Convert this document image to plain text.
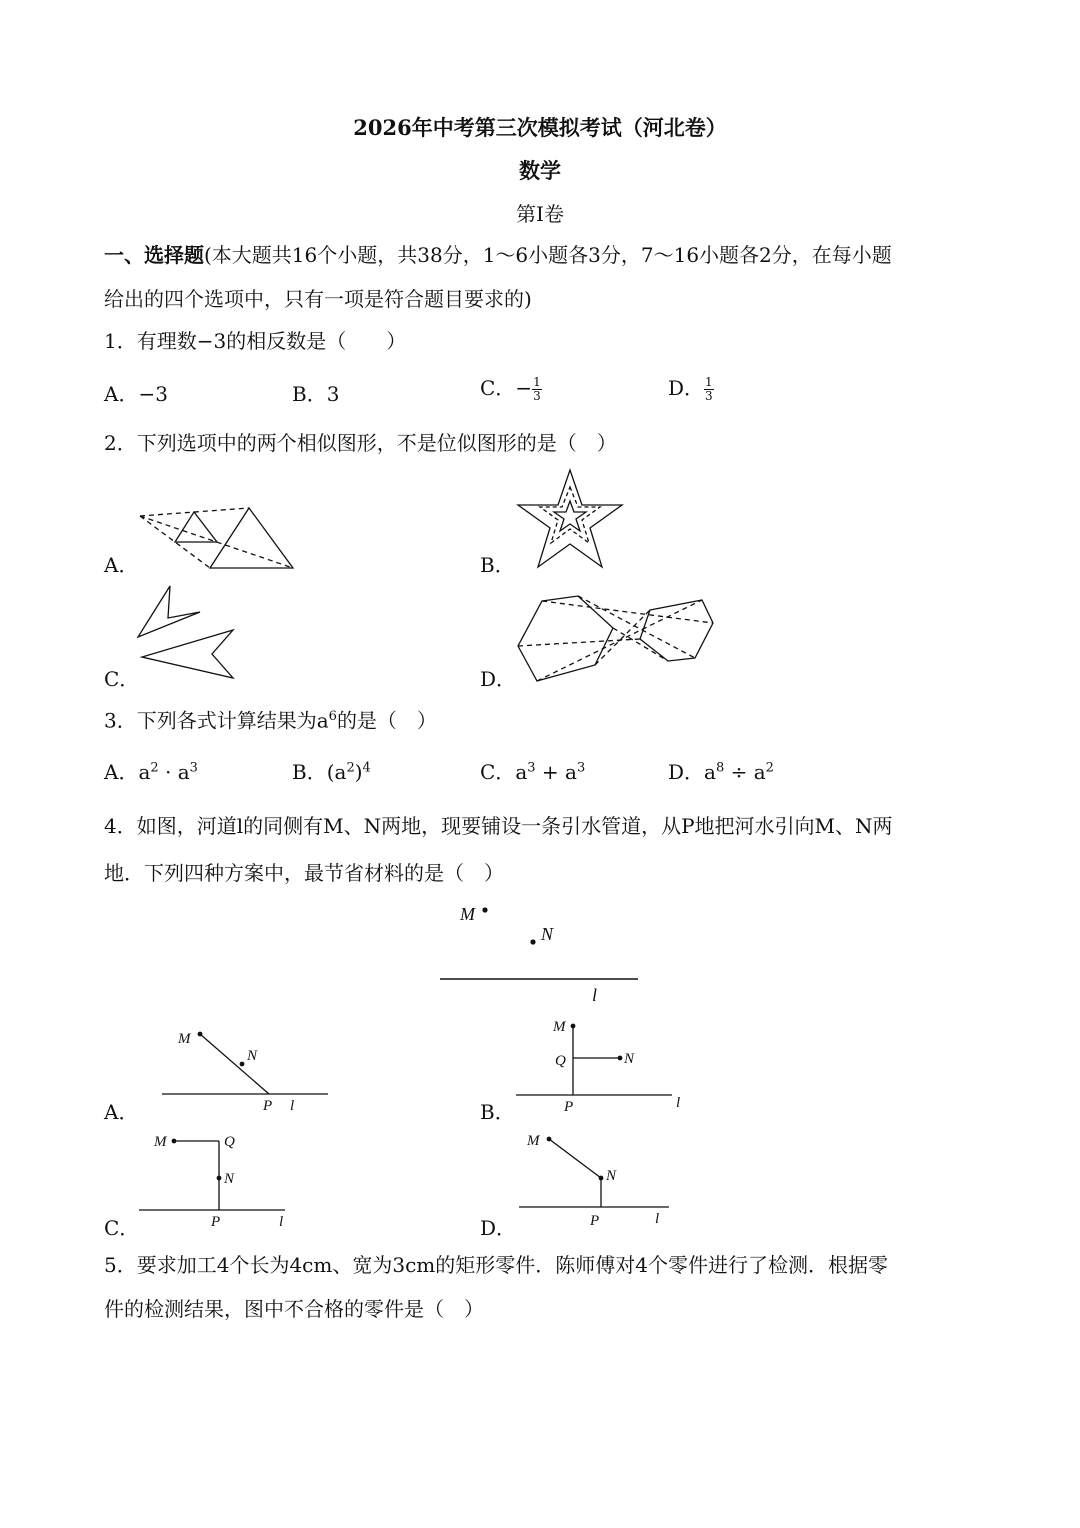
2026年中考第三次模拟考试（河北卷）
数学
第Ⅰ卷
一、选择题(本大题共16个小题，共38分，1～6小题各3分，7～16小题各2分，在每小题
给出的四个选项中，只有一项是符合题目要求的)
1．有理数−3的相反数是（　　）
A．−3	B．3	C．− $\frac{1}{3}$	D． $\frac{1}{3}$
2．下列选项中的两个相似图形，不是位似图形的是（　）
A．	B．
C．	D．
3．下列各式计算结果为$a^6$的是（　）
A．$a^2 \cdot a^3$	B．$(a^2)^4$	C．$a^3 + a^3$	D．$a^8 \div a^2$
4．如图，河道l的同侧有M、N两地，现要铺设一条引水管道，从P地把河水引向M、N两
地．下列四种方案中，最节省材料的是（　）
M
N
l
A．
M
N
P l	B．
M
Q	N
P	l
C．
M	Q
N
P	l	D．
M
N
P	l
5．要求加工4个长为4cm、宽为3cm的矩形零件．陈师傅对4个零件进行了检测．根据零
件的检测结果，图中不合格的零件是（　）
